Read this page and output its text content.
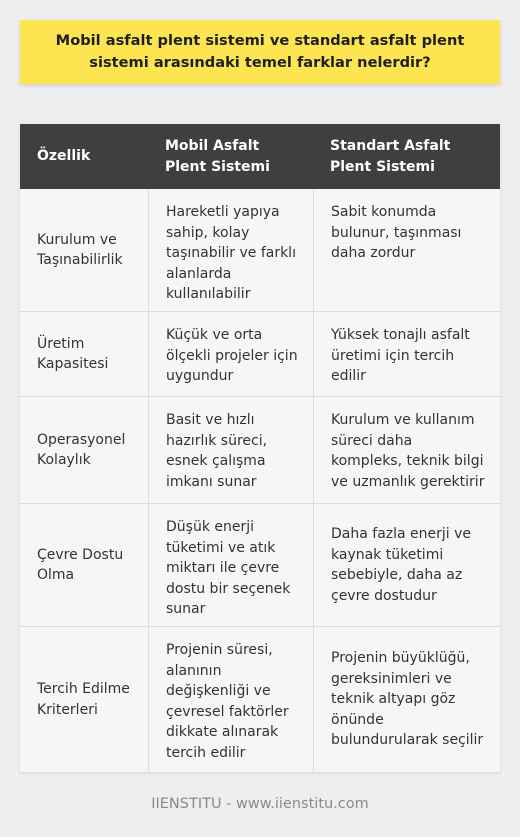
Mobil asfalt plent sistemi ve standart asfalt plent sistemi arasındaki temel farklar nelerdir?
Özellik
Mobil Asfalt Plent Sistemi
Standart Asfalt Plent Sistemi
Kurulum ve Taşınabilirlik
Hareketli yapıya sahip, kolay taşınabilir ve farklı alanlarda kullanılabilir
Sabit konumda bulunur, taşınması daha zordur
Üretim Kapasitesi
Küçük ve orta ölçekli projeler için uygundur
Yüksek tonajlı asfalt üretimi için tercih edilir
Operasyonel Kolaylık
Basit ve hızlı hazırlık süreci, esnek çalışma imkanı sunar
Kurulum ve kullanım süreci daha kompleks, teknik bilgi ve uzmanlık gerektirir
Çevre Dostu Olma
Düşük enerji tüketimi ve atık miktarı ile çevre dostu bir seçenek sunar
Daha fazla enerji ve kaynak tüketimi sebebiyle, daha az çevre dostudur
Tercih Edilme Kriterleri
Projenin süresi, alanının değişkenliği ve çevresel faktörler dikkate alınarak tercih edilir
Projenin büyüklüğü, gereksinimleri ve teknik altyapı göz önünde bulundurularak seçilir
IIENSTITU - www.iienstitu.com
